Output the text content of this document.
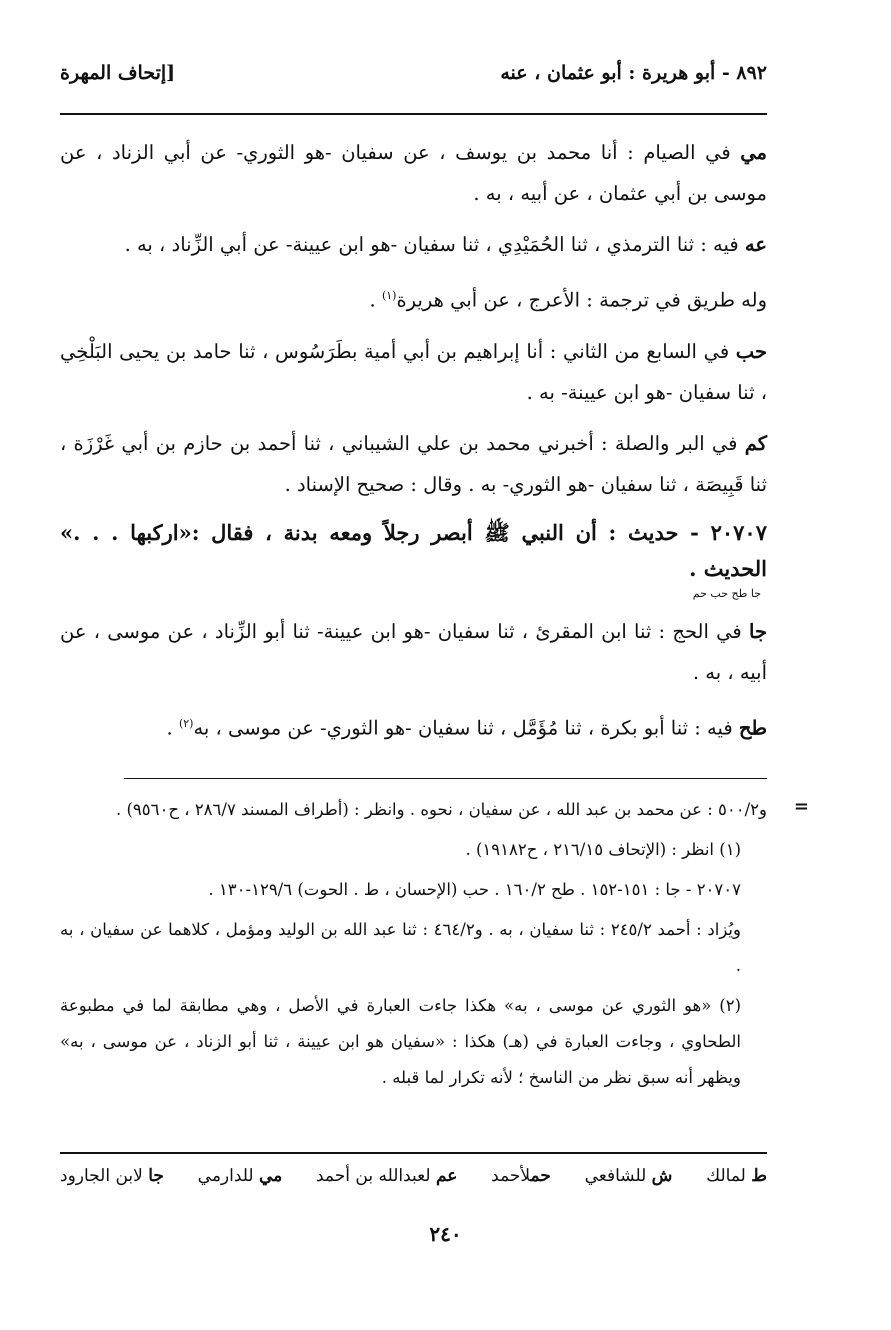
٨٩٢ - أبو هريرة : أبو عثمان ، عنه
[إتحاف المهرة

مي في الصيام : أنا محمد بن يوسف ، عن سفيان -هو الثوري- عن أبي الزناد ، عن موسى بن أبي عثمان ، عن أبيه ، به .

عه فيه : ثنا الترمذي ، ثنا الحُمَيْدِي ، ثنا سفيان -هو ابن عيينة- عن أبي الزِّناد ، به .

وله طريق في ترجمة : الأعرج ، عن أبي هريرة$^{(١)}$ .

حب في السابع من الثاني : أنا إبراهيم بن أبي أمية بطَرَسُوس ، ثنا حامد بن يحيى البَلْخِي ، ثنا سفيان -هو ابن عيينة- به .

كم في البر والصلة : أخبرني محمد بن علي الشيباني ، ثنا أحمد بن حازم بن أبي غَرْزَة ، ثنا قَبِيصَة ، ثنا سفيان -هو الثوري- به . وقال : صحيح الإسناد .

٢٠٧٠٧ - حديث : أن النبي ﷺ أبصر رجلاً ومعه بدنة ، فقال :«اركبها . . .» الحديث .
جا طح حب حم

جا في الحج : ثنا ابن المقرئ ، ثنا سفيان -هو ابن عيينة- ثنا أبو الزِّناد ، عن موسى ، عن أبيه ، به .

طح فيه : ثنا أبو بكرة ، ثنا مُؤَمَّل ، ثنا سفيان -هو الثوري- عن موسى ، به$^{(٢)}$ .

=

و٥٠٠/٢ : عن محمد بن عبد الله ، عن سفيان ، نحوه . وانظر : (أطراف المسند ٢٨٦/٧ ، ح٩٥٦٠) .

(١) انظر : (الإتحاف ٢١٦/١٥ ، ح١٩١٨٢) .

٢٠٧٠٧ - جا : ١٥١-١٥٢ . طح ١٦٠/٢ . حب (الإحسان ، ط . الحوت) ١٢٩/٦-١٣٠ .

ويُزاد : أحمد ٢٤٥/٢ : ثنا سفيان ، به . و٤٦٤/٢ : ثنا عبد الله بن الوليد ومؤمل ، كلاهما عن سفيان ، به .

(٢) «هو الثوري عن موسى ، به» هكذا جاءت العبارة في الأصل ، وهي مطابقة لما في مطبوعة الطحاوي ، وجاءت العبارة في (هـ) هكذا : «سفيان هو ابن عيينة ، ثنا أبو الزناد ، عن موسى ، به» ويظهر أنه سبق نظر من الناسخ ؛ لأنه تكرار لما قبله .

ط لمالك
ش للشافعي
حملأحمد
عم لعبدالله بن أحمد
مي للدارمي
جا لابن الجارود
٢٤٠
